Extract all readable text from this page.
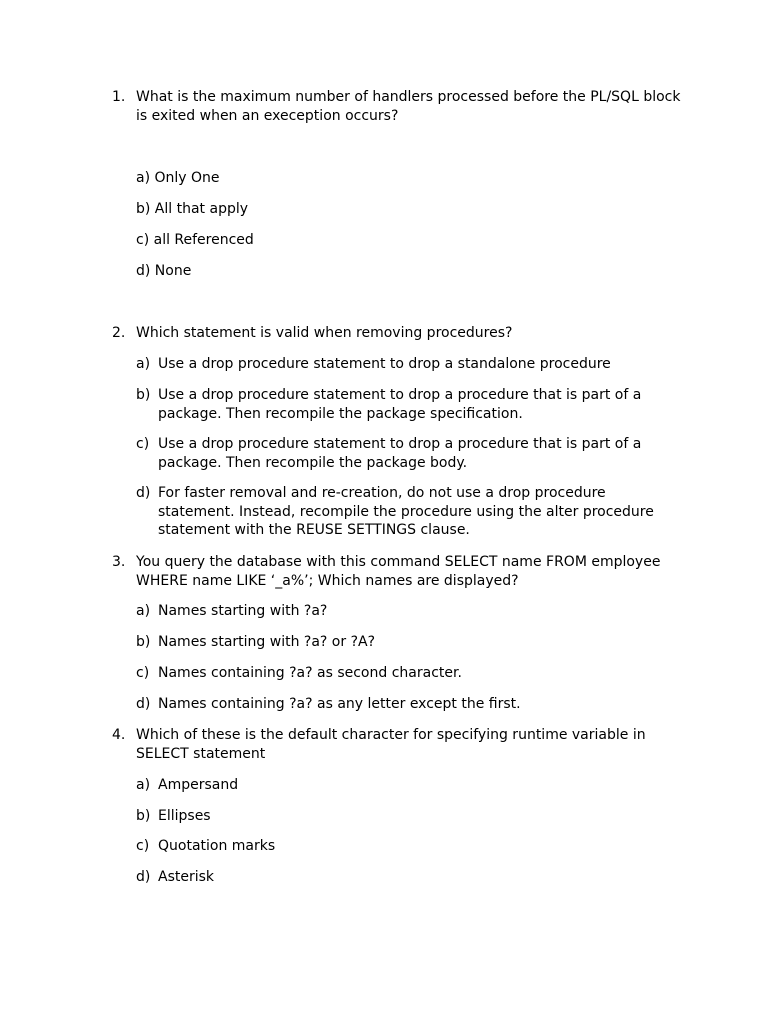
1. What is the maximum number of handlers processed before the PL/SQL block is exited when an exeception occurs?
a) Only One
b) All that apply
c) all Referenced
d) None
2. Which statement is valid when removing procedures?
a) Use a drop procedure statement to drop a standalone procedure
b) Use a drop procedure statement to drop a procedure that is part of a package. Then recompile the package specification.
c) Use a drop procedure statement to drop a procedure that is part of a package. Then recompile the package body.
d) For faster removal and re-creation, do not use a drop procedure statement. Instead, recompile the procedure using the alter procedure statement with the REUSE SETTINGS clause.
3. You query the database with this command SELECT name FROM employee WHERE name LIKE ‘_a%’; Which names are displayed?
a) Names starting with ?a?
b) Names starting with ?a? or ?A?
c) Names containing ?a? as second character.
d) Names containing ?a? as any letter except the first.
4. Which of these is the default character for specifying runtime variable in SELECT statement
a) Ampersand
b) Ellipses
c) Quotation marks
d) Asterisk
